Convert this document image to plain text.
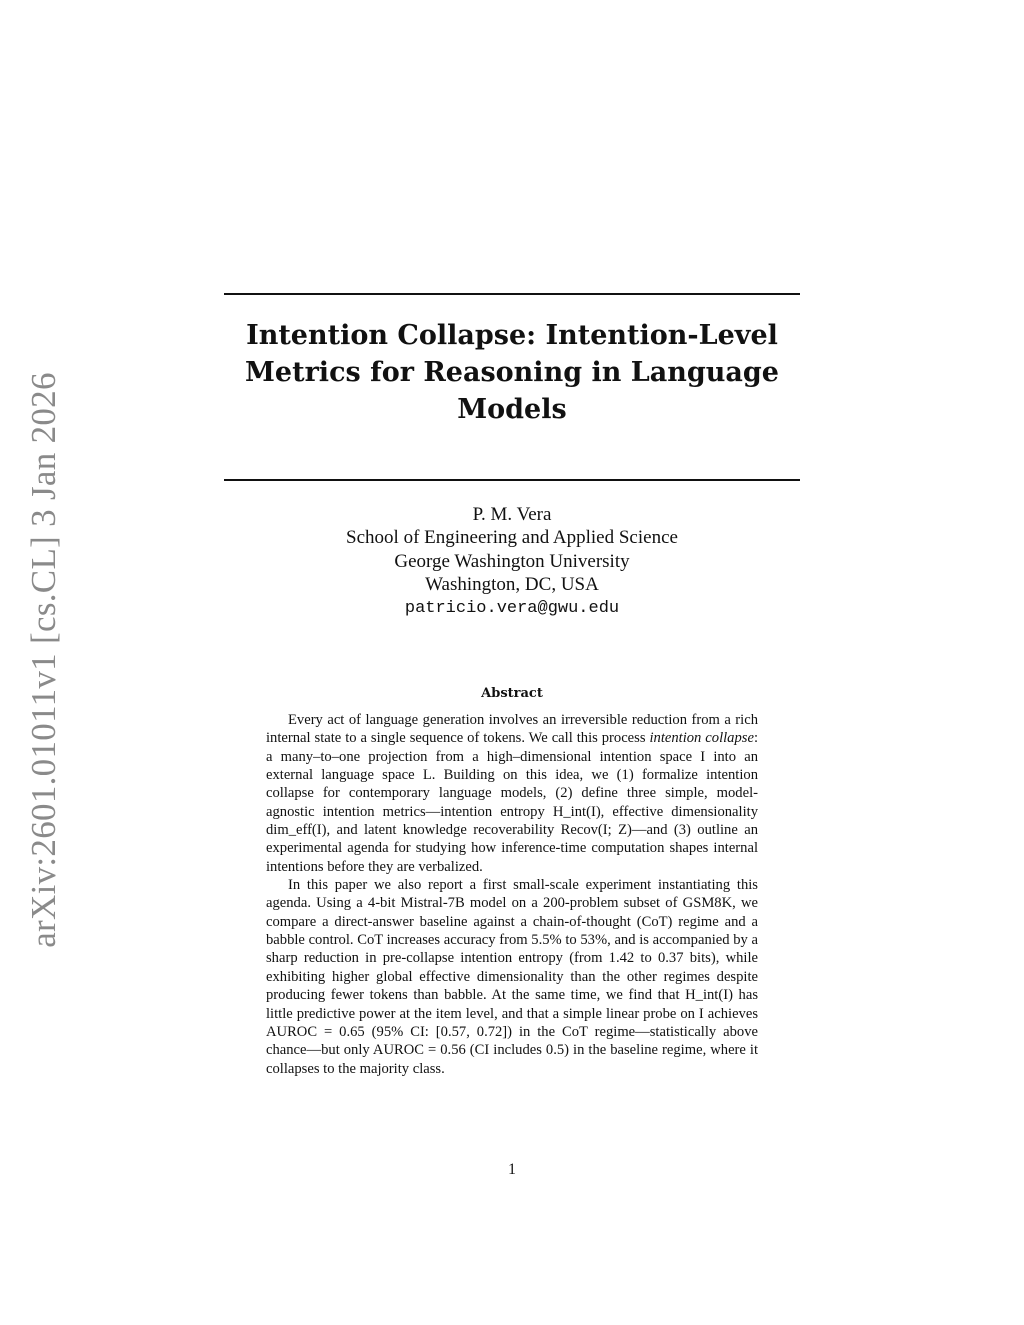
arXiv:2601.01011v1 [cs.CL] 3 Jan 2026
Intention Collapse: Intention-Level
Metrics for Reasoning in Language
Models
P. M. Vera
School of Engineering and Applied Science
George Washington University
Washington, DC, USA
patricio.vera@gwu.edu
Abstract

Every act of language generation involves an irreversible reduction from a rich internal state to a single sequence of tokens. We call this process intention collapse: a many–to–one projection from a high–dimensional intention space I into an external language space L. Building on this idea, we (1) formalize intention collapse for contemporary language models, (2) define three simple, model-agnostic intention metrics—intention entropy H_int(I), effective dimensionality dim_eff(I), and latent knowledge recoverability Recov(I; Z)—and (3) outline an experimental agenda for studying how inference-time computation shapes internal intentions before they are verbalized.

In this paper we also report a first small-scale experiment instantiating this agenda. Using a 4-bit Mistral-7B model on a 200-problem subset of GSM8K, we compare a direct-answer baseline against a chain-of-thought (CoT) regime and a babble control. CoT increases accuracy from 5.5% to 53%, and is accompanied by a sharp reduction in pre-collapse intention entropy (from 1.42 to 0.37 bits), while exhibiting higher global effective dimensionality than the other regimes despite producing fewer tokens than babble. At the same time, we find that H_int(I) has little predictive power at the item level, and that a simple linear probe on I achieves AUROC = 0.65 (95% CI: [0.57, 0.72]) in the CoT regime—statistically above chance—but only AUROC = 0.56 (CI includes 0.5) in the baseline regime, where it collapses to the majority class.

1
